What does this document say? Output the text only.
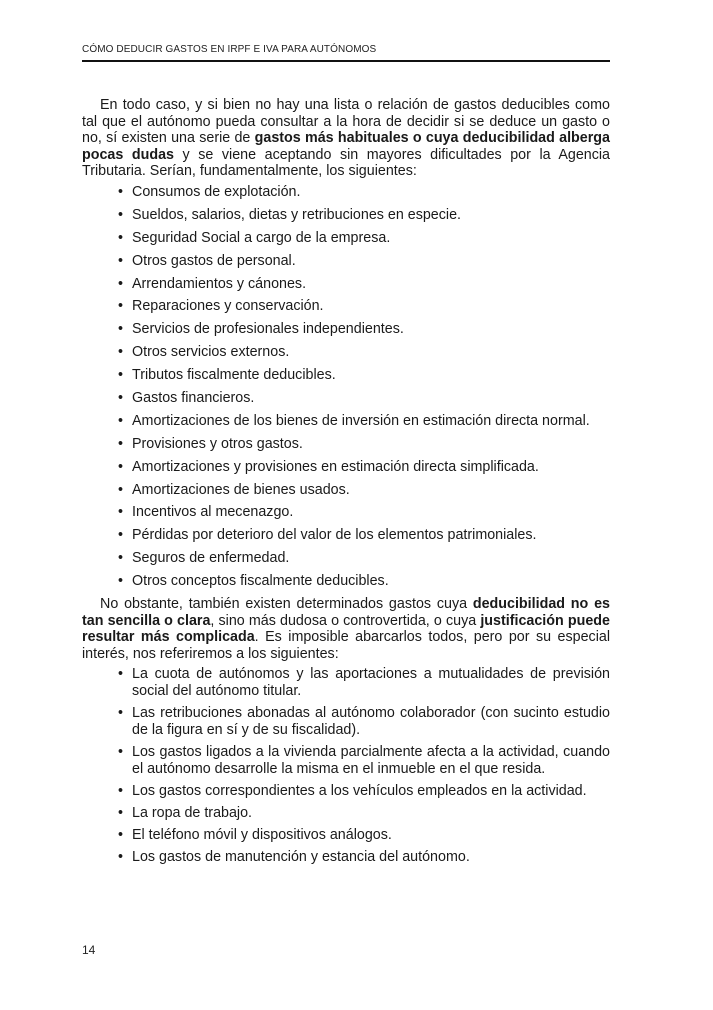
CÓMO DEDUCIR GASTOS EN IRPF E IVA PARA AUTÓNOMOS

En todo caso, y si bien no hay una lista o relación de gastos deducibles como tal que el autónomo pueda consultar a la hora de decidir si se deduce un gasto o no, sí existen una serie de gastos más habituales o cuya deducibilidad alberga pocas dudas y se viene aceptando sin mayores dificultades por la Agencia Tributaria. Serían, fundamentalmente, los siguientes:

• Consumos de explotación.
• Sueldos, salarios, dietas y retribuciones en especie.
• Seguridad Social a cargo de la empresa.
• Otros gastos de personal.
• Arrendamientos y cánones.
• Reparaciones y conservación.
• Servicios de profesionales independientes.
• Otros servicios externos.
• Tributos fiscalmente deducibles.
• Gastos financieros.
• Amortizaciones de los bienes de inversión en estimación directa normal.
• Provisiones y otros gastos.
• Amortizaciones y provisiones en estimación directa simplificada.
• Amortizaciones de bienes usados.
• Incentivos al mecenazgo.
• Pérdidas por deterioro del valor de los elementos patrimoniales.
• Seguros de enfermedad.
• Otros conceptos fiscalmente deducibles.

No obstante, también existen determinados gastos cuya deducibilidad no es tan sencilla o clara, sino más dudosa o controvertida, o cuya justificación puede resultar más complicada. Es imposible abarcarlos todos, pero por su especial interés, nos referiremos a los siguientes:

• La cuota de autónomos y las aportaciones a mutualidades de previsión social del autónomo titular.
• Las retribuciones abonadas al autónomo colaborador (con sucinto estudio de la figura en sí y de su fiscalidad).
• Los gastos ligados a la vivienda parcialmente afecta a la actividad, cuando el autónomo desarrolle la misma en el inmueble en el que resida.
• Los gastos correspondientes a los vehículos empleados en la actividad.
• La ropa de trabajo.
• El teléfono móvil y dispositivos análogos.
• Los gastos de manutención y estancia del autónomo.
14
